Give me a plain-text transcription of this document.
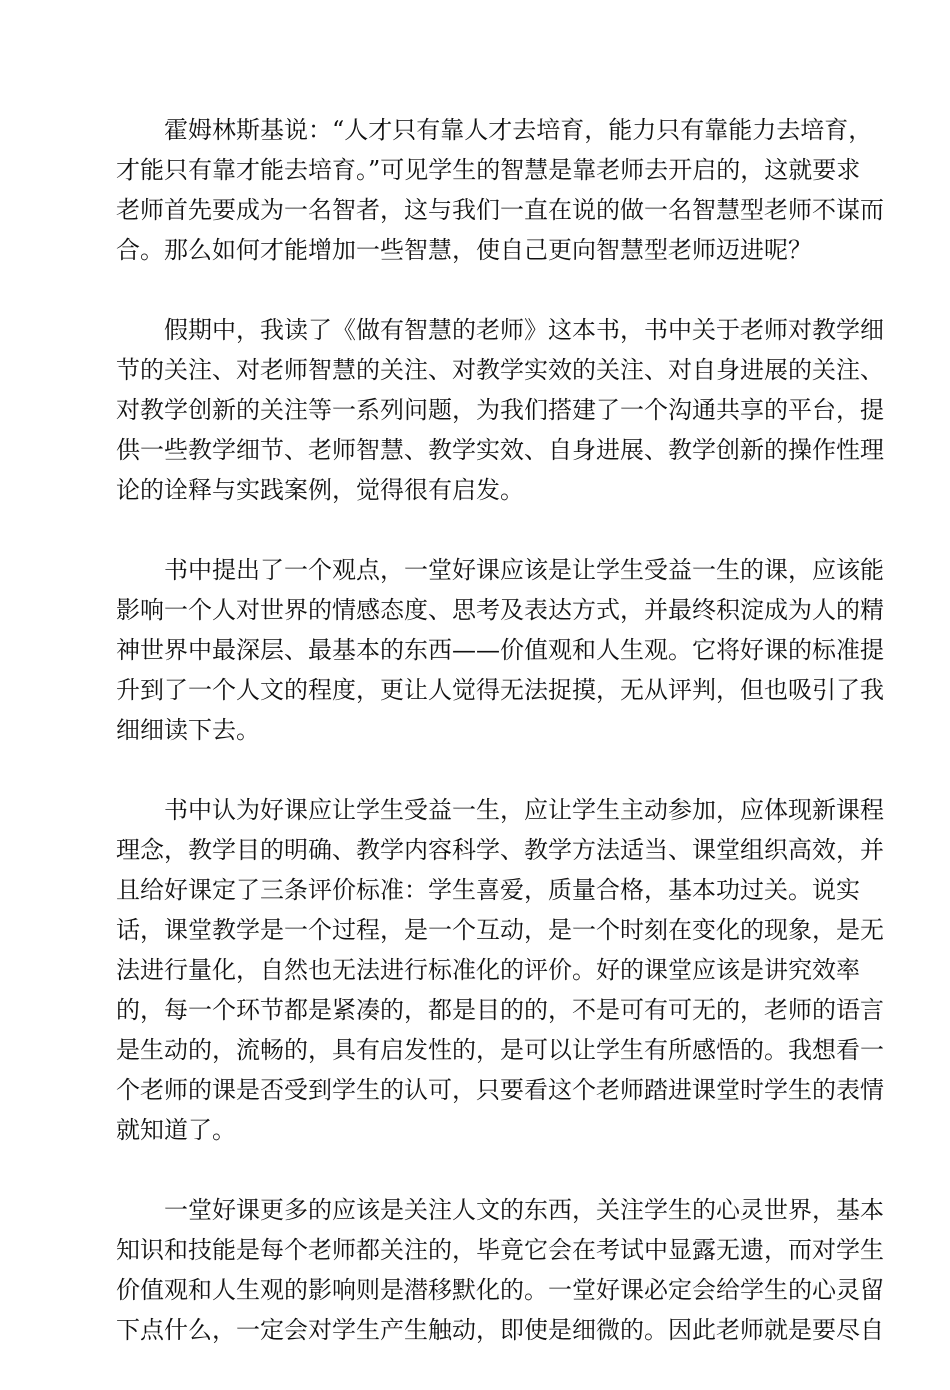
霍姆林斯基说：“人才只有靠人才去培育，能力只有靠能力去培育，
才能只有靠才能去培育。”可见学生的智慧是靠老师去开启的，这就要求
老师首先要成为一名智者，这与我们一直在说的做一名智慧型老师不谋而
合。那么如何才能增加一些智慧，使自己更向智慧型老师迈进呢？
假期中，我读了《做有智慧的老师》这本书，书中关于老师对教学细
节的关注、对老师智慧的关注、对教学实效的关注、对自身进展的关注、
对教学创新的关注等一系列问题，为我们搭建了一个沟通共享的平台，提
供一些教学细节、老师智慧、教学实效、自身进展、教学创新的操作性理
论的诠释与实践案例，觉得很有启发。
书中提出了一个观点，一堂好课应该是让学生受益一生的课，应该能
影响一个人对世界的情感态度、思考及表达方式，并最终积淀成为人的精
神世界中最深层、最基本的东西——价值观和人生观。它将好课的标准提
升到了一个人文的程度，更让人觉得无法捉摸，无从评判，但也吸引了我
细细读下去。
书中认为好课应让学生受益一生，应让学生主动参加，应体现新课程
理念，教学目的明确、教学内容科学、教学方法适当、课堂组织高效，并
且给好课定了三条评价标准：学生喜爱，质量合格，基本功过关。说实
话，课堂教学是一个过程，是一个互动，是一个时刻在变化的现象，是无
法进行量化，自然也无法进行标准化的评价。好的课堂应该是讲究效率
的，每一个环节都是紧凑的，都是目的的，不是可有可无的，老师的语言
是生动的，流畅的，具有启发性的，是可以让学生有所感悟的。我想看一
个老师的课是否受到学生的认可，只要看这个老师踏进课堂时学生的表情
就知道了。
一堂好课更多的应该是关注人文的东西，关注学生的心灵世界，基本
知识和技能是每个老师都关注的，毕竟它会在考试中显露无遗，而对学生
价值观和人生观的影响则是潜移默化的。一堂好课必定会给学生的心灵留
下点什么，一定会对学生产生触动，即使是细微的。因此老师就是要尽自
